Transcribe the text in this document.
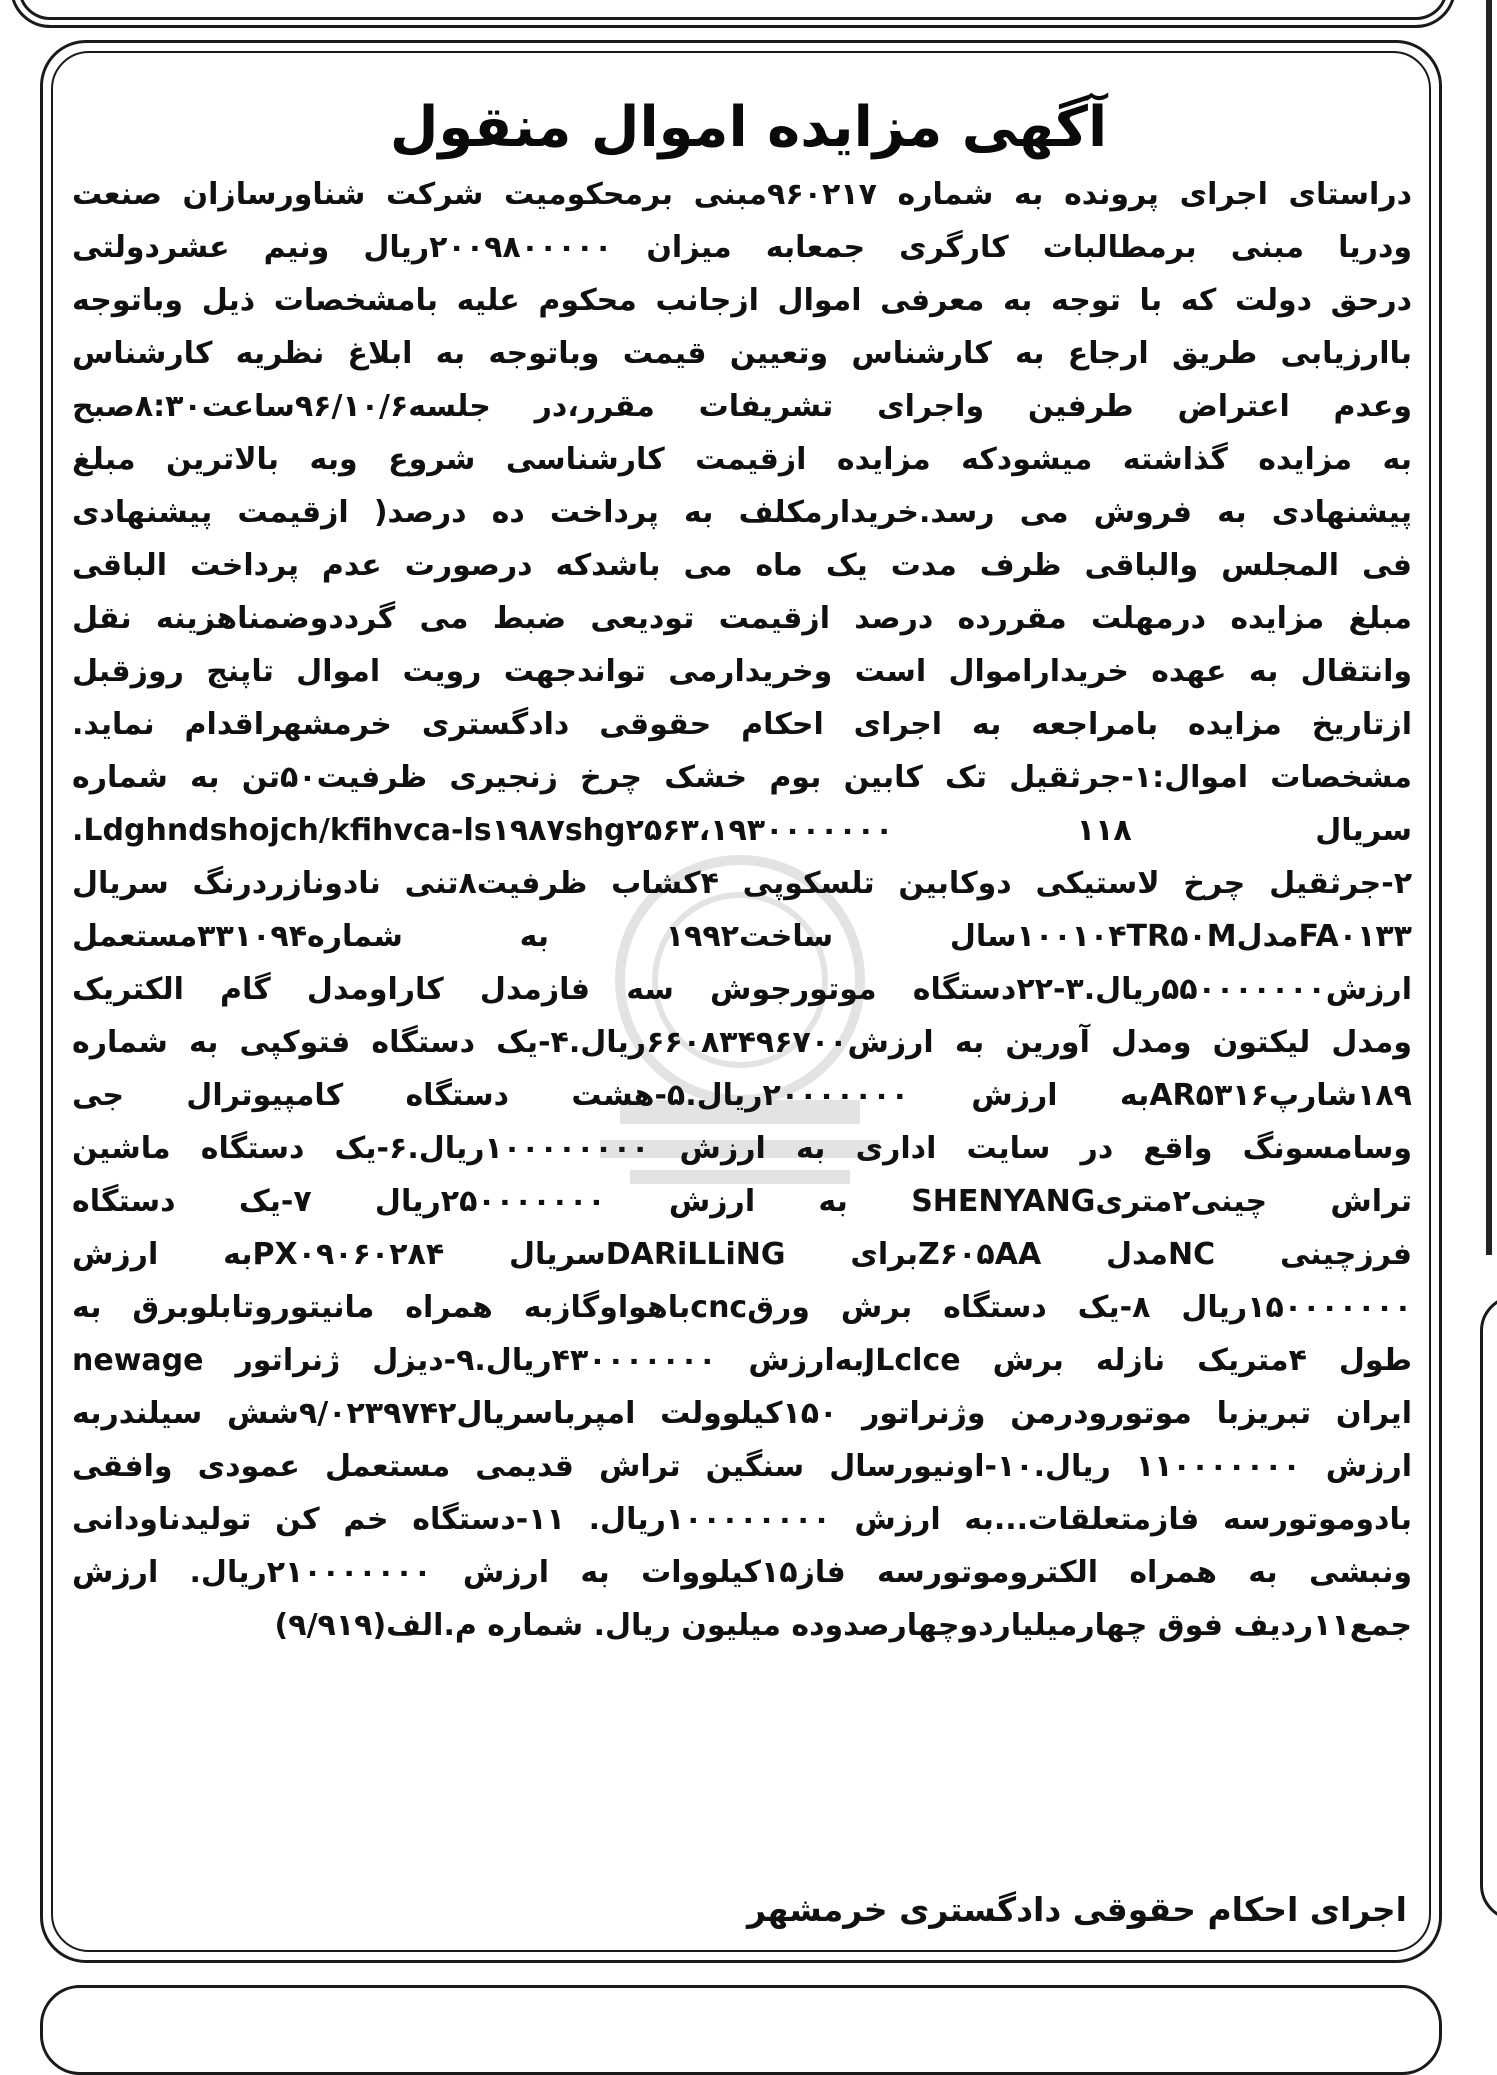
آگهی مزایده اموال منقول
دراستای اجرای پرونده به شماره ۹۶۰۲۱۷مبنی برمحکومیت شرکت شناورسازان صنعت
ودریا مبنی برمطالبات کارگری جمعابه میزان ۲۰۰۹۸۰۰۰۰۰ریال ونیم عشردولتی
درحق دولت که با توجه به معرفی اموال ازجانب محکوم علیه بامشخصات ذیل وباتوجه
باارزیابی طریق ارجاع به کارشناس وتعیین قیمت وباتوجه به ابلاغ نظریه کارشناس
وعدم اعتراض طرفین واجرای تشریفات مقرر،در جلسه۹۶/۱۰/۶ساعت۸:۳۰صبح
به مزایده گذاشته میشودکه مزایده ازقیمت کارشناسی شروع وبه بالاترین مبلغ
پیشنهادی به فروش می رسد.خریدارمکلف به پرداخت ده درصد( ازقیمت پیشنهادی
فی المجلس والباقی ظرف مدت یک ماه می باشدکه درصورت عدم پرداخت الباقی
مبلغ مزایده درمهلت مقررده درصد ازقیمت تودیعی ضبط می گرددوضمناهزینه نقل
وانتقال به عهده خریداراموال است وخریدارمی تواندجهت رویت اموال تاپنج روزقبل
ازتاریخ مزایده بامراجعه به اجرای احکام حقوقی دادگستری خرمشهراقدام نماید.
مشخصات اموال:۱-جرثقیل تک کابین بوم خشک چرخ زنجیری ظرفیت۵۰تن به شماره
سریال ۱۱۸ Ldghndshojch/kfihvca-ls۱۹۸۷shg۲۵۶۳،۱۹۳۰۰۰۰۰۰۰.
۲-جرثقیل چرخ لاستیکی دوکابین تلسکوپی ۴کشاب ظرفیت۸تنی نادونازردرنگ سریال
FA۰۱۳۳مدل۱۰۰۱۰۴TR۵۰Mسال ساخت۱۹۹۲ به شماره۳۳۱۰۹۴مستعمل
ارزش۵۵۰۰۰۰۰۰۰ریال.۳-۲۲دستگاه موتورجوش سه فازمدل کاراومدل گام الکتریک
ومدل لیکتون ومدل آورین به ارزش۶۶۰۸۳۴۹۶۷۰۰ریال.۴-یک دستگاه فتوکپی به شماره
۱۸۹شارپAR۵۳۱۶به ارزش ۲۰۰۰۰۰۰۰ریال.۵-هشت دستگاه کامپیوترال جی
وسامسونگ واقع در سایت اداری به ارزش ۱۰۰۰۰۰۰۰۰ریال.۶-یک دستگاه ماشین
تراش چینی۲متریSHENYANG به ارزش ۲۵۰۰۰۰۰۰۰ریال ۷-یک دستگاه
فرزچینی NCمدل Z۶۰۵AAبرای DARiLLiNGسریال PX۰۹۰۶۰۲۸۴به ارزش
۱۵۰۰۰۰۰۰۰ریال ۸-یک دستگاه برش ورقcncباهواوگازبه همراه مانیتوروتابلوبرق به
طول ۴متریک نازله برش JLclceبه‌ارزش ۴۳۰۰۰۰۰۰۰ریال.۹-دیزل ژنراتور newage
ایران تبریزبا موتورودرمن وژنراتور ۱۵۰کیلوولت امپرباسریال۹/۰۲۳۹۷۴۲شش سیلندربه
ارزش ۱۱۰۰۰۰۰۰۰ ریال.۱۰-اونیورسال سنگین تراش قدیمی مستعمل عمودی وافقی
بادوموتورسه فازمتعلقات...به ارزش ۱۰۰۰۰۰۰۰۰ریال. ۱۱-دستگاه خم کن تولیدناودانی
ونبشی به همراه الکتروموتورسه فاز۱۵کیلووات به ارزش ۲۱۰۰۰۰۰۰۰ریال. ارزش
جمع۱۱ردیف فوق چهارمیلیاردوچهارصدوده میلیون ریال. شماره م.الف(۹/۹۱۹)
اجرای احکام حقوقی دادگستری خرمشهر
